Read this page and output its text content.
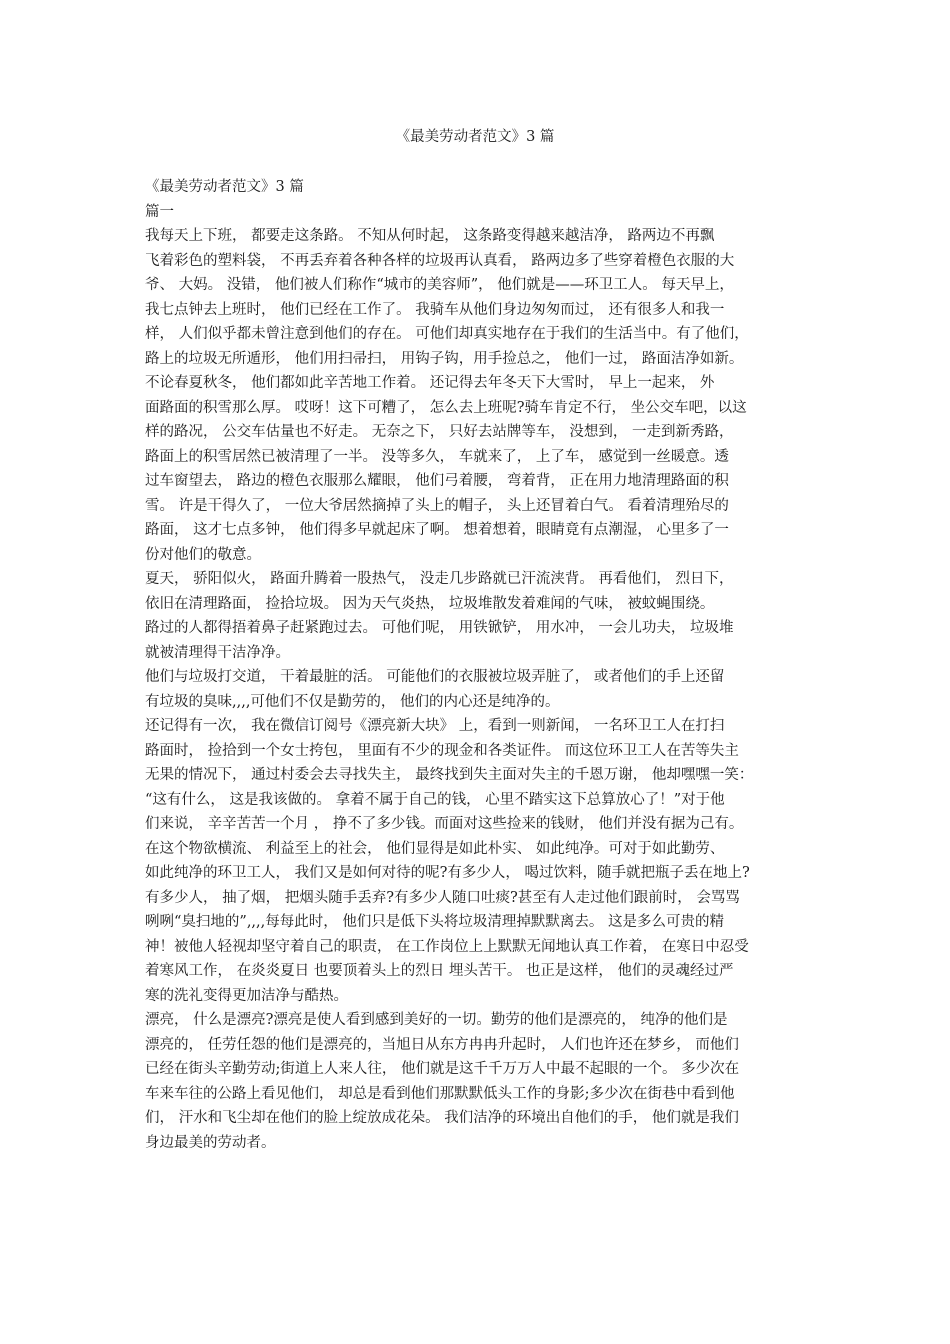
《最美劳动者范文》3 篇
《最美劳动者范文》3 篇
篇一
我每天上下班， 都要走这条路。 不知从何时起， 这条路变得越来越洁净， 路两边不再飘
飞着彩色的塑料袋， 不再丢弃着各种各样的垃圾再认真看， 路两边多了些穿着橙色衣服的大
爷、 大妈。 没错， 他们被人们称作“城市的美容师”， 他们就是——环卫工人。 每天早上，
我七点钟去上班时， 他们已经在工作了。 我骑车从他们身边匆匆而过， 还有很多人和我一
样， 人们似乎都未曾注意到他们的存在。 可他们却真实地存在于我们的生活当中。有了他们，
路上的垃圾无所遁形， 他们用扫帚扫， 用钩子钩，用手捡总之， 他们一过， 路面洁净如新。
不论春夏秋冬， 他们都如此辛苦地工作着。 还记得去年冬天下大雪时， 早上一起来， 外
面路面的积雪那么厚。 哎呀！这下可糟了， 怎么去上班呢?骑车肯定不行， 坐公交车吧，以这
样的路况， 公交车估量也不好走。 无奈之下， 只好去站牌等车， 没想到， 一走到新秀路，
路面上的积雪居然已被清理了一半。 没等多久， 车就来了， 上了车， 感觉到一丝暖意。透
过车窗望去， 路边的橙色衣服那么耀眼， 他们弓着腰， 弯着背， 正在用力地清理路面的积
雪。 许是干得久了， 一位大爷居然摘掉了头上的帽子， 头上还冒着白气。 看着清理殆尽的
路面， 这才七点多钟， 他们得多早就起床了啊。 想着想着，眼睛竟有点潮湿， 心里多了一
份对他们的敬意。
夏天， 骄阳似火， 路面升腾着一股热气， 没走几步路就已汗流浃背。 再看他们， 烈日下，
依旧在清理路面， 捡拾垃圾。 因为天气炎热， 垃圾堆散发着难闻的气味， 被蚊蝇围绕。
路过的人都得捂着鼻子赶紧跑过去。 可他们呢， 用铁锨铲， 用水冲， 一会儿功夫， 垃圾堆
就被清理得干洁净净。
他们与垃圾打交道， 干着最脏的活。 可能他们的衣服被垃圾弄脏了， 或者他们的手上还留
有垃圾的臭味,,,,可他们不仅是勤劳的， 他们的内心还是纯净的。
还记得有一次， 我在微信订阅号《漂亮新大块》 上，看到一则新闻， 一名环卫工人在打扫
路面时， 捡拾到一个女士挎包， 里面有不少的现金和各类证件。 而这位环卫工人在苦等失主
无果的情况下， 通过村委会去寻找失主， 最终找到失主面对失主的千恩万谢， 他却嘿嘿一笑：
“这有什么， 这是我该做的。 拿着不属于自己的钱， 心里不踏实这下总算放心了！”对于他
们来说， 辛辛苦苦一个月 ， 挣不了多少钱。而面对这些捡来的钱财， 他们并没有据为己有。
在这个物欲横流、 利益至上的社会， 他们显得是如此朴实、 如此纯净。可对于如此勤劳、
如此纯净的环卫工人， 我们又是如何对待的呢?有多少人， 喝过饮料，随手就把瓶子丢在地上?
有多少人， 抽了烟， 把烟头随手丢弃?有多少人随口吐痰?甚至有人走过他们跟前时， 会骂骂
咧咧“臭扫地的”,,,,每每此时， 他们只是低下头将垃圾清理掉默默离去。 这是多么可贵的精
神！被他人轻视却坚守着自己的职责， 在工作岗位上上默默无闻地认真工作着， 在寒日中忍受
着寒风工作， 在炎炎夏日 也要顶着头上的烈日 埋头苦干。 也正是这样， 他们的灵魂经过严
寒的洗礼变得更加洁净与酷热。
漂亮， 什么是漂亮?漂亮是使人看到感到美好的一切。勤劳的他们是漂亮的， 纯净的他们是
漂亮的， 任劳任怨的他们是漂亮的，当旭日从东方冉冉升起时， 人们也许还在梦乡， 而他们
已经在街头辛勤劳动;街道上人来人往， 他们就是这千千万万人中最不起眼的一个。 多少次在
车来车往的公路上看见他们， 却总是看到他们那默默低头工作的身影;多少次在街巷中看到他
们， 汗水和飞尘却在他们的脸上绽放成花朵。 我们洁净的环境出自他们的手， 他们就是我们
身边最美的劳动者。
